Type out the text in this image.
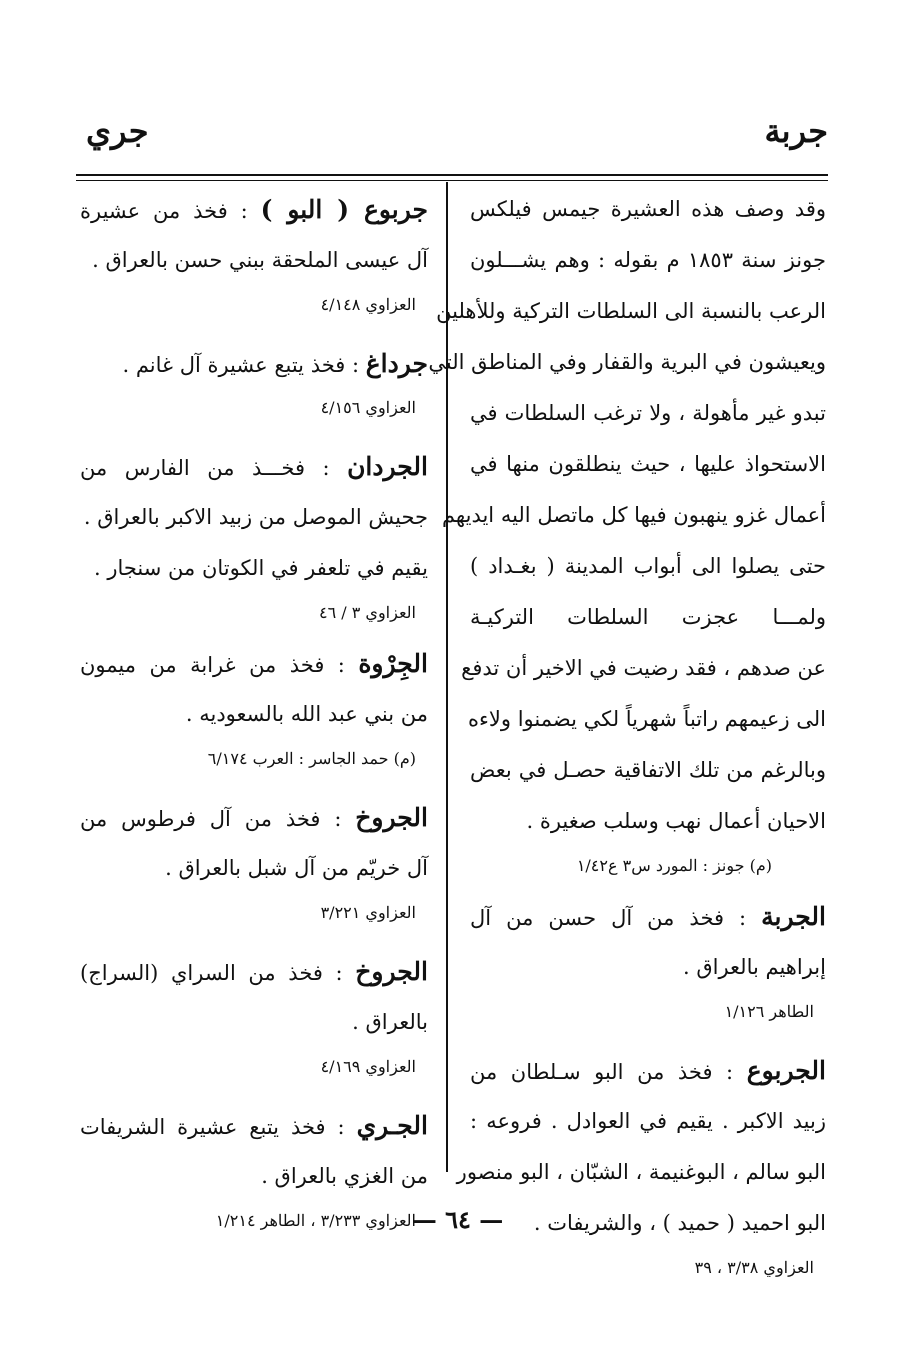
جربة
جري
وقد وصف هذه العشيرة جيمس فيلكس
جونز سنة ١٨٥٣ م بقوله : وهم يشـــلون
الرعب بالنسبة الى السلطات التركية وللأهلين
ويعيشون في البرية والقفار وفي المناطق التي
تبدو غير مأهولة ، ولا ترغب السلطات في
الاستحواذ عليها ، حيث ينطلقون منها في
أعمال غزو ينهبون فيها كل ماتصل اليه ايديهم
حتى يصلوا الى أبواب المدينة ( بغـداد )
ولمـــا عجزت السلطات التركيـة
عن صدهم ، فقد رضيت في الاخير أن تدفع
الى زعيمهم راتباً شهرياً لكي يضمنوا ولاءه
وبالرغم من تلك الاتفاقية حصـل في بعض
الاحيان أعمال نهب وسلب صغيرة .
(م) جونز : المورد س٣ ع١/٤٢
الجربة : فخذ من آل حسن من آل
إبراهيم بالعراق .
الطاهر ١/١٢٦
الجربوع : فخذ من البو سـلطان من
زبيد الاكبر . يقيم في العوادل . فروعه :
البو سالم ، البوغنيمة ، الشبّان ، البو منصور
البو احميد ( حميد ) ، والشريفات .
العزاوي ٣/٣٨ ، ٣٩
جربوع ( البو ) : فخذ من عشيرة
آل عيسى الملحقة ببني حسن بالعراق .
العزاوي ٤/١٤٨
جرداغ : فخذ يتبع عشيرة آل غانم .
العزاوي ٤/١٥٦
الجردان : فخـــذ من الفارس من
جحيش الموصل من زبيد الاكبر بالعراق .
يقيم في تلعفر في الكوتان من سنجار .
العزاوي ٣ / ٤٦
الجِرْوة : فخذ من غرابة من ميمون
من بني عبد الله بالسعوديه .
(م) حمد الجاسر : العرب ٦/١٧٤
الجروخ : فخذ من آل فرطوس من
آل خريّم من آل شبل بالعراق .
العزاوي ٣/٢٢١
الجروخ : فخذ من السراي (السراج)
بالعراق .
العزاوي ٤/١٦٩
الجـري : فخذ يتبع عشيرة الشريفات
من الغزي بالعراق .
العزاوي ٣/٢٣٣ ، الطاهر ١/٢١٤
— ٦٤ —
